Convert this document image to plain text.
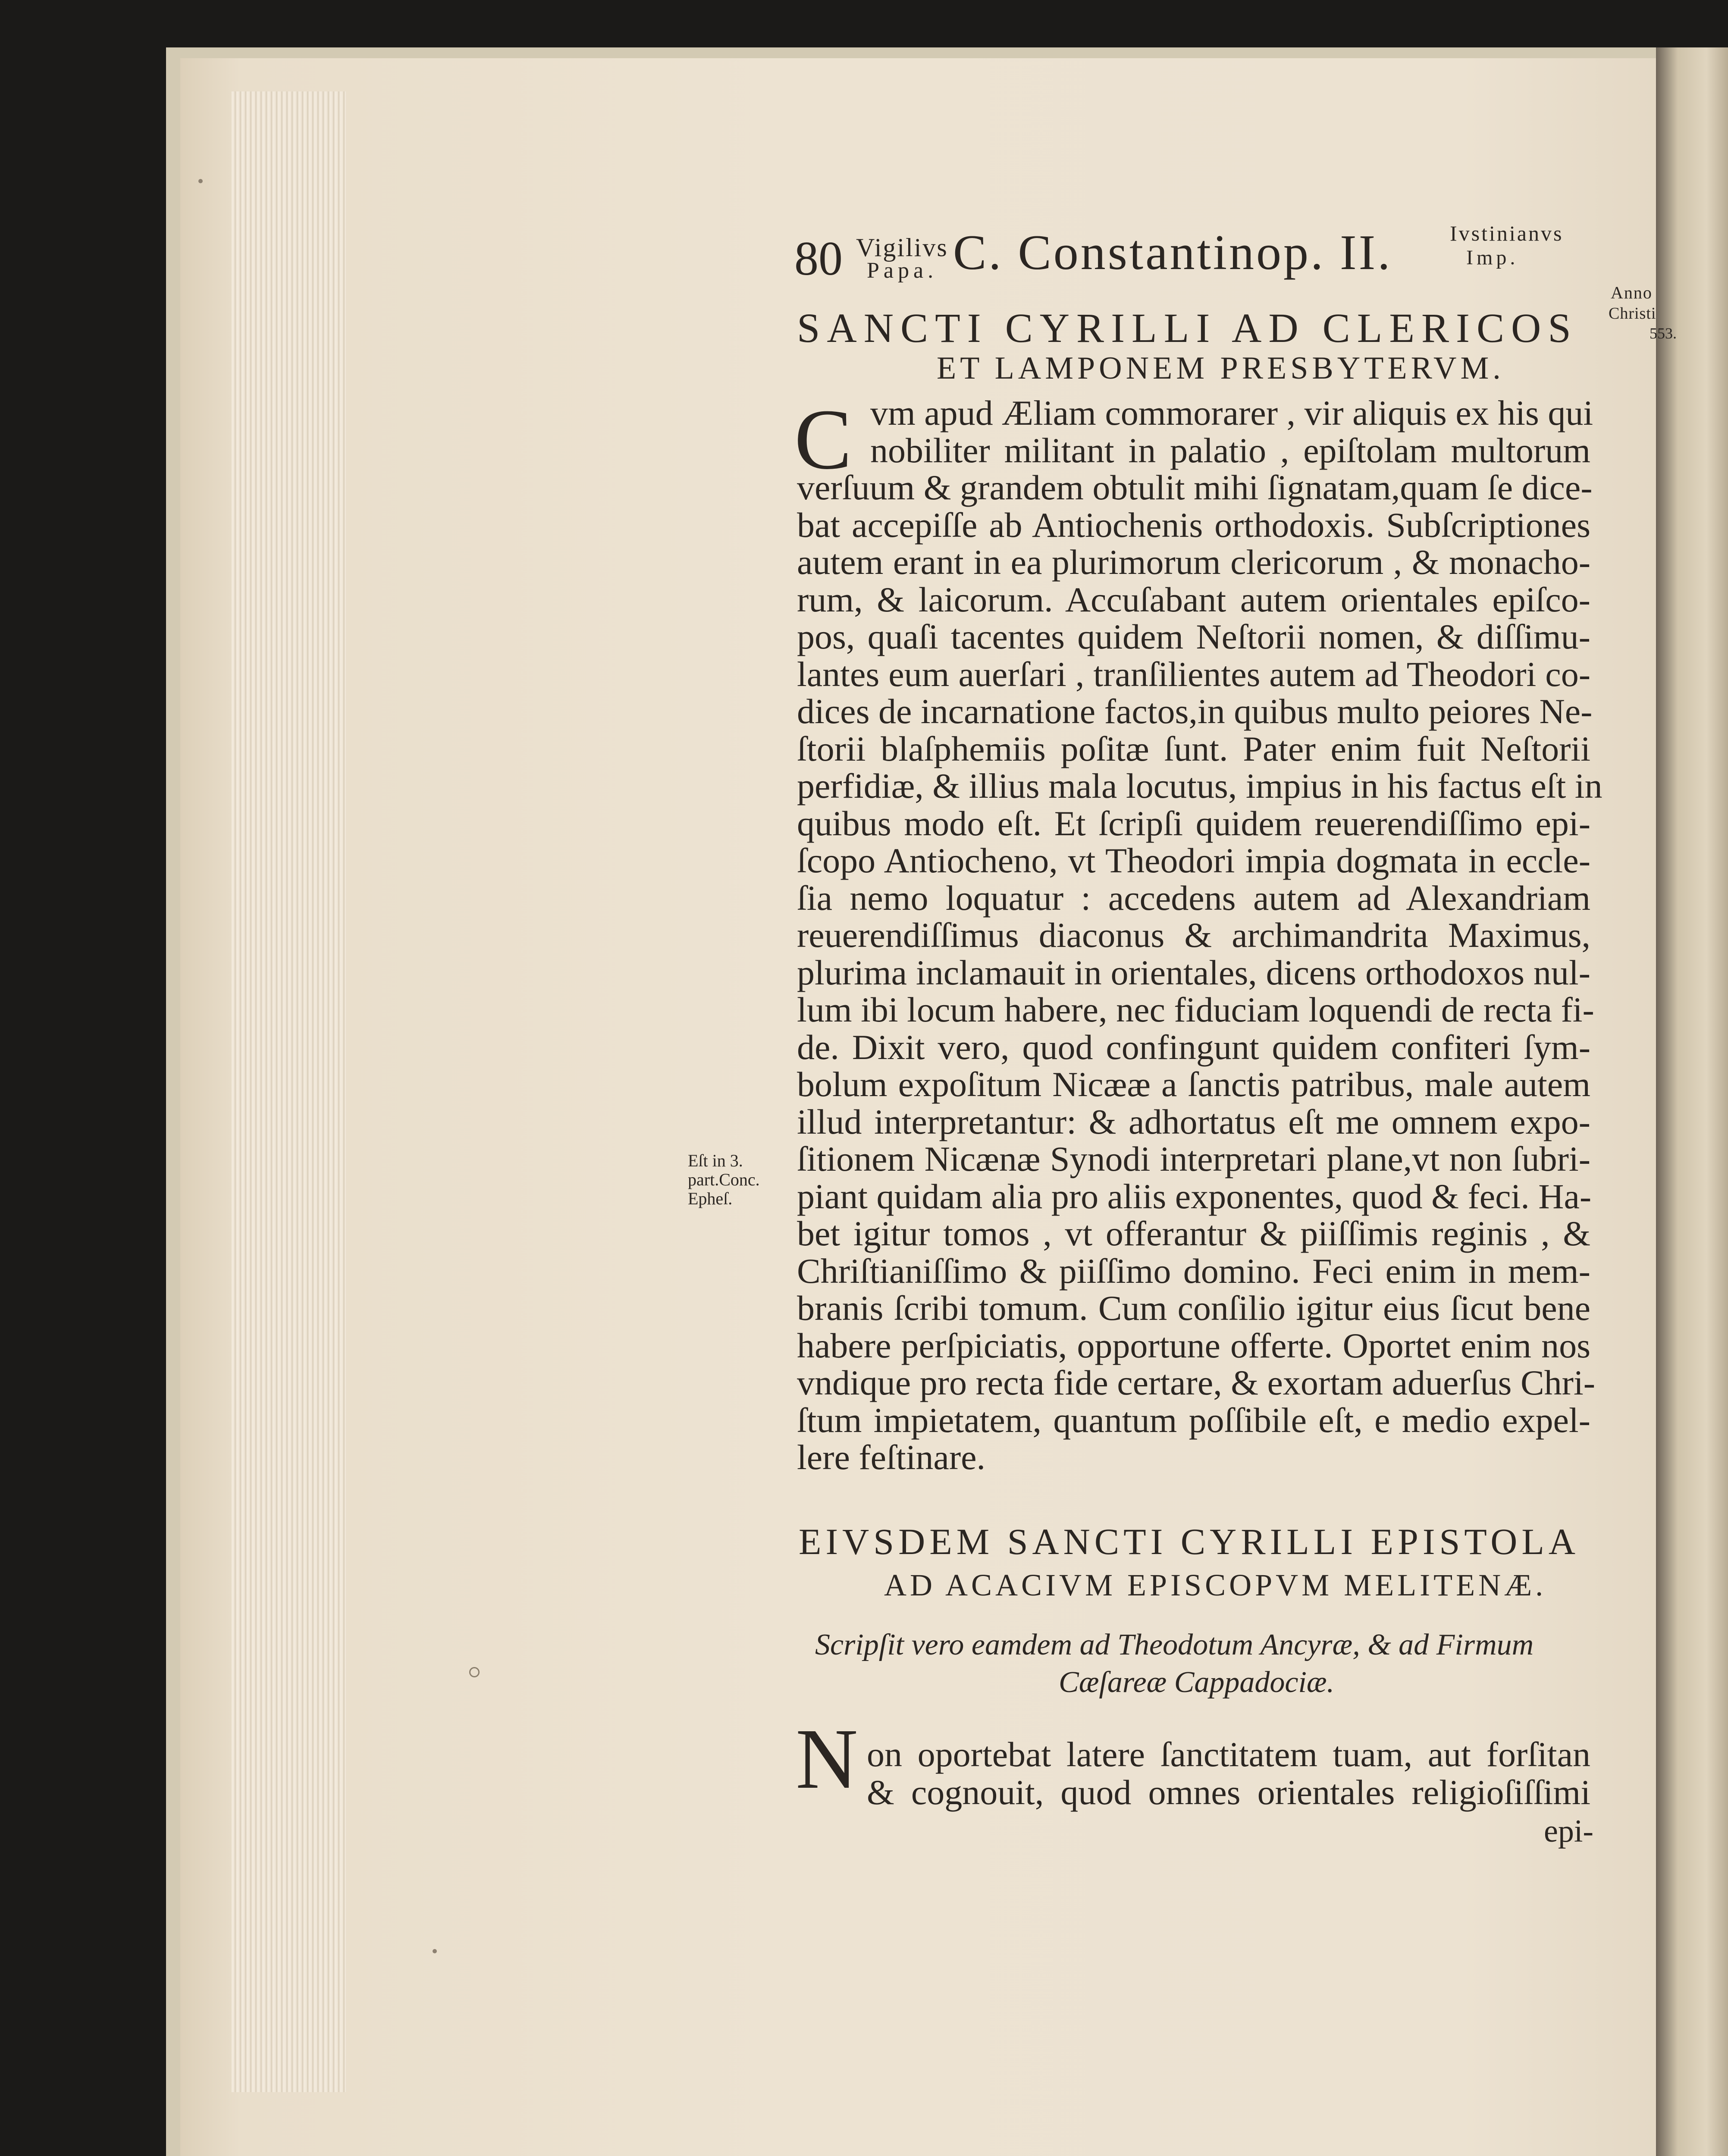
80 Vigilivs
Papa. C. Constantinop. II.	Ivstinianvs
Imp.
Anno
Christi
553.
SANCTI CYRILLI AD CLERICOS
ET LAMPONEM PRESBYTERVM.
C vm apud Æliam commorarer , vir aliquis ex his qui
nobiliter militant in palatio , epiſtolam multorum
verſuum & grandem obtulit mihi ſignatam,quam ſe dice-
bat accepiſſe ab Antiochenis orthodoxis. Subſcriptiones
autem erant in ea plurimorum clericorum , & monacho-
rum, & laicorum. Accuſabant autem orientales epiſco-
pos, quaſi tacentes quidem Neſtorii nomen, & diſſimu-
lantes eum auerſari , tranſilientes autem ad Theodori co-
dices de incarnatione factos,in quibus multo peiores Ne-
ſtorii blaſphemiis poſitæ ſunt. Pater enim fuit Neſtorii
perfidiæ, & illius mala locutus, impius in his factus eſt in
quibus modo eſt. Et ſcripſi quidem reuerendiſſimo epi-
ſcopo Antiocheno, vt Theodori impia dogmata in eccle-
ſia nemo loquatur : accedens autem ad Alexandriam
reuerendiſſimus diaconus & archimandrita Maximus,
plurima inclamauit in orientales, dicens orthodoxos nul-
lum ibi locum habere, nec fiduciam loquendi de recta fi-
de. Dixit vero, quod confingunt quidem confiteri ſym-
bolum expoſitum Nicææ a ſanctis patribus, male autem
illud interpretantur: & adhortatus eſt me omnem expo-
ſitionem Nicænæ Synodi interpretari plane,vt non ſubri-
piant quidam alia pro aliis exponentes, quod & feci. Ha-
bet igitur tomos , vt offerantur & piiſſimis reginis , &
Chriſtianiſſimo & piiſſimo domino. Feci enim in mem-
branis ſcribi tomum. Cum conſilio igitur eius ſicut bene
habere perſpiciatis, opportune offerte. Oportet enim nos
vndique pro recta fide certare, & exortam aduerſus Chri-
ſtum impietatem, quantum poſſibile eſt, e medio expel-
lere feſtinare.
Eſt in 3.
part.Conc.
Epheſ.
EIVSDEM SANCTI CYRILLI EPISTOLA
AD ACACIVM EPISCOPVM MELITENÆ.
Scripſit vero eamdem ad Theodotum Ancyræ, & ad Firmum
Cæſareæ Cappadociæ.
N on oportebat latere ſanctitatem tuam, aut forſitan
& cognouit, quod omnes orientales religioſiſſimi
epi-
